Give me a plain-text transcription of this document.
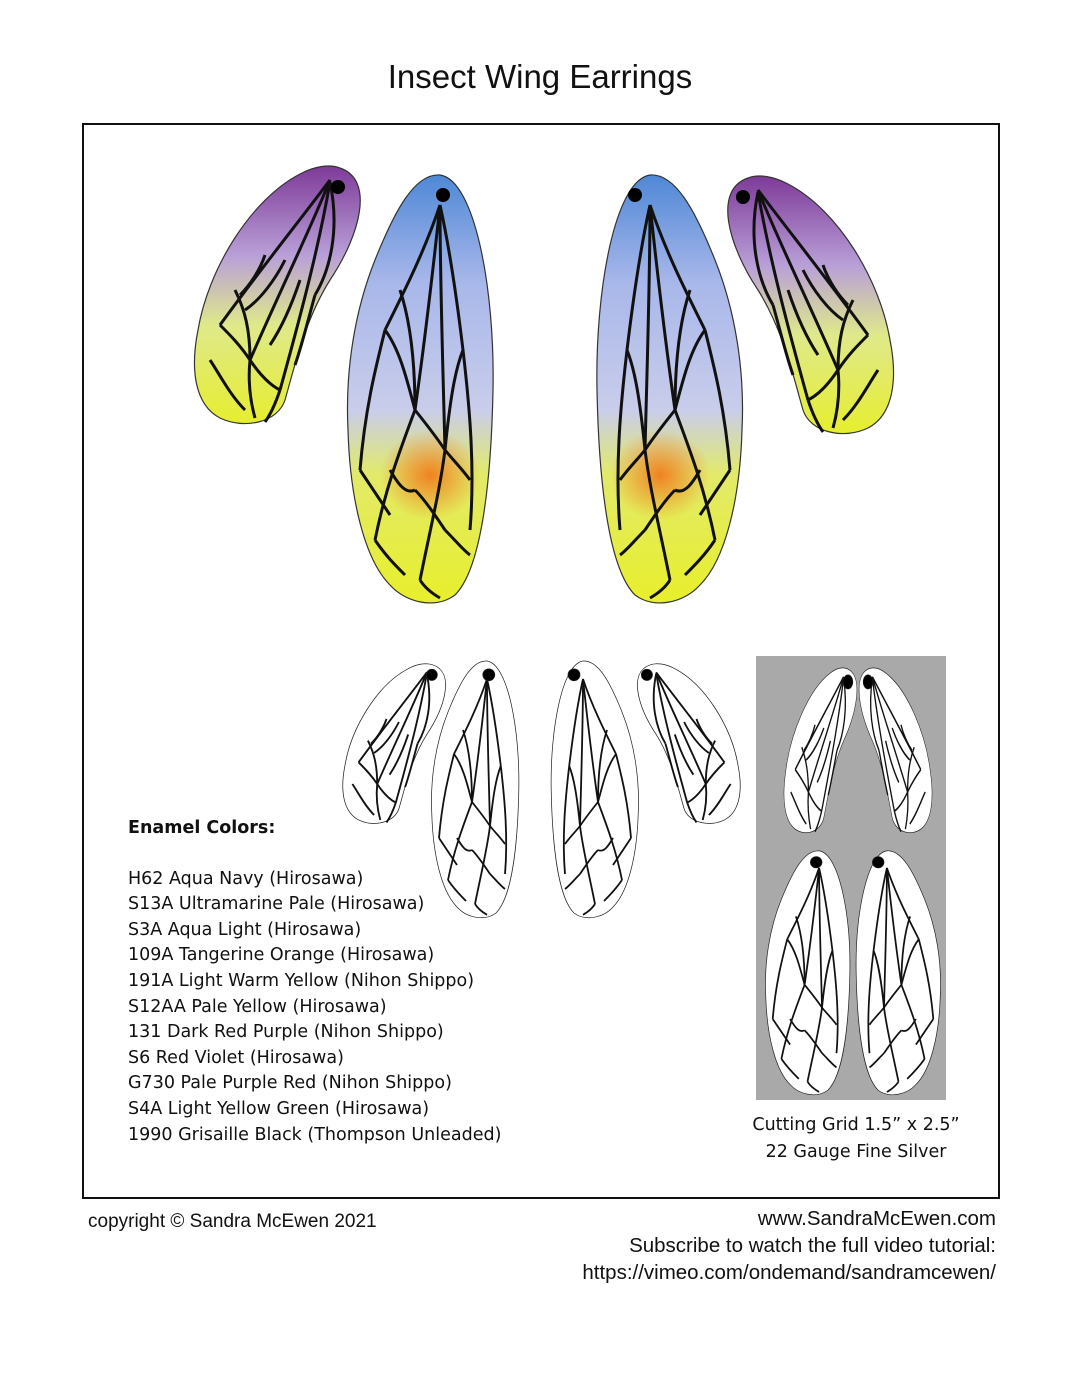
Insect Wing Earrings
Enamel Colors:
H62 Aqua Navy (Hirosawa)
S13A Ultramarine Pale (Hirosawa)
S3A Aqua Light (Hirosawa)
109A Tangerine Orange (Hirosawa)
191A Light Warm Yellow (Nihon Shippo)
S12AA Pale Yellow (Hirosawa)
131 Dark Red Purple (Nihon Shippo)
S6 Red Violet (Hirosawa)
G730 Pale Purple Red (Nihon Shippo)
S4A Light Yellow Green (Hirosawa)
1990 Grisaille Black (Thompson Unleaded)	Cutting Grid 1.5” x 2.5”
22 Gauge Fine Silver
copyright © Sandra McEwen 2021	www.SandraMcEwen.com
Subscribe to watch the full video tutorial:
https://vimeo.com/ondemand/sandramcewen/
